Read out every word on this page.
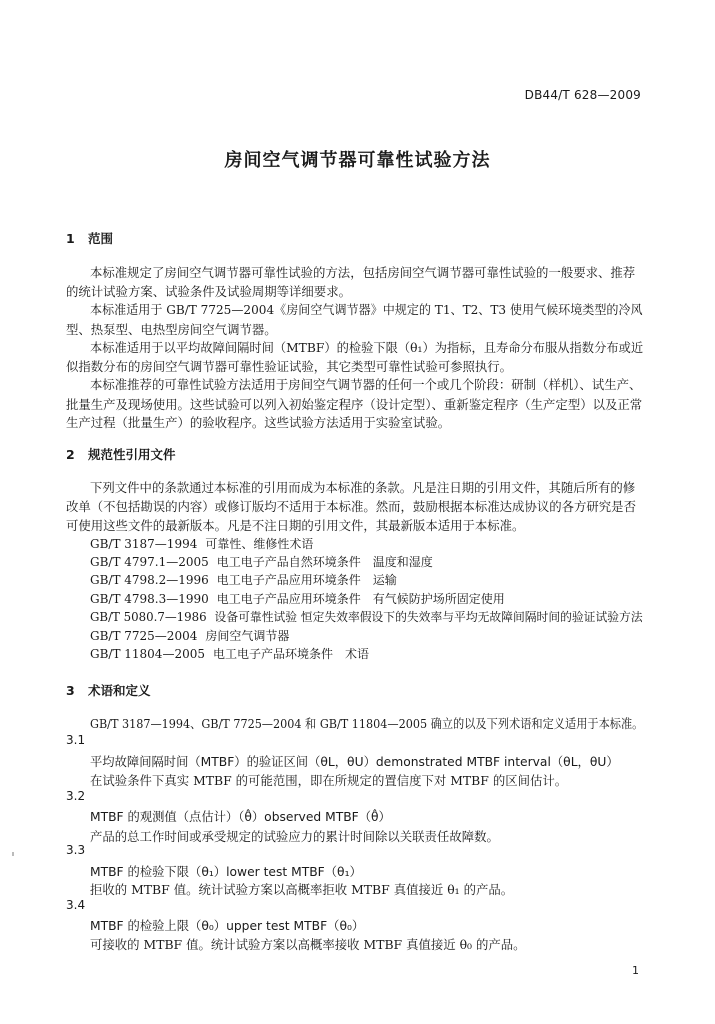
DB44/T 628—2009
房间空气调节器可靠性试验方法
1 范围
本标准规定了房间空气调节器可靠性试验的方法，包括房间空气调节器可靠性试验的一般要求、推荐
的统计试验方案、试验条件及试验周期等详细要求。
本标准适用于 GB/T 7725—2004《房间空气调节器》中规定的 T1、T2、T3 使用气候环境类型的冷风
型、热泵型、电热型房间空气调节器。
本标准适用于以平均故障间隔时间（MTBF）的检验下限（θ₁）为指标，且寿命分布服从指数分布或近
似指数分布的房间空气调节器可靠性验证试验，其它类型可靠性试验可参照执行。
本标准推荐的可靠性试验方法适用于房间空气调节器的任何一个或几个阶段：研制（样机）、试生产、
批量生产及现场使用。这些试验可以列入初始鉴定程序（设计定型）、重新鉴定程序（生产定型）以及正常
生产过程（批量生产）的验收程序。这些试验方法适用于实验室试验。
2 规范性引用文件
下列文件中的条款通过本标准的引用而成为本标准的条款。凡是注日期的引用文件，其随后所有的修
改单（不包括勘误的内容）或修订版均不适用于本标准。然而，鼓励根据本标准达成协议的各方研究是否
可使用这些文件的最新版本。凡是不注日期的引用文件，其最新版本适用于本标准。
GB/T 3187—1994 可靠性、维修性术语
GB/T 4797.1—2005 电工电子产品自然环境条件　温度和湿度
GB/T 4798.2—1996 电工电子产品应用环境条件　运输
GB/T 4798.3—1990 电工电子产品应用环境条件　有气候防护场所固定使用
GB/T 5080.7—1986 设备可靠性试验 恒定失效率假设下的失效率与平均无故障间隔时间的验证试验方法
GB/T 7725—2004 房间空气调节器
GB/T 11804—2005 电工电子产品环境条件　术语
3 术语和定义
GB/T 3187—1994、GB/T 7725—2004 和 GB/T 11804—2005 确立的以及下列术语和定义适用于本标准。
3.1
平均故障间隔时间（MTBF）的验证区间（θL，θU）demonstrated MTBF interval（θL，θU）
在试验条件下真实 MTBF 的可能范围，即在所规定的置信度下对 MTBF 的区间估计。
3.2
MTBF 的观测值（点估计）（θ̂）observed MTBF（θ̂）
产品的总工作时间或承受规定的试验应力的累计时间除以关联责任故障数。
3.3
MTBF 的检验下限（θ₁）lower test MTBF（θ₁）
拒收的 MTBF 值。统计试验方案以高概率拒收 MTBF 真值接近 θ₁ 的产品。
3.4
MTBF 的检验上限（θ₀）upper test MTBF（θ₀）
可接收的 MTBF 值。统计试验方案以高概率接收 MTBF 真值接近 θ₀ 的产品。
1
